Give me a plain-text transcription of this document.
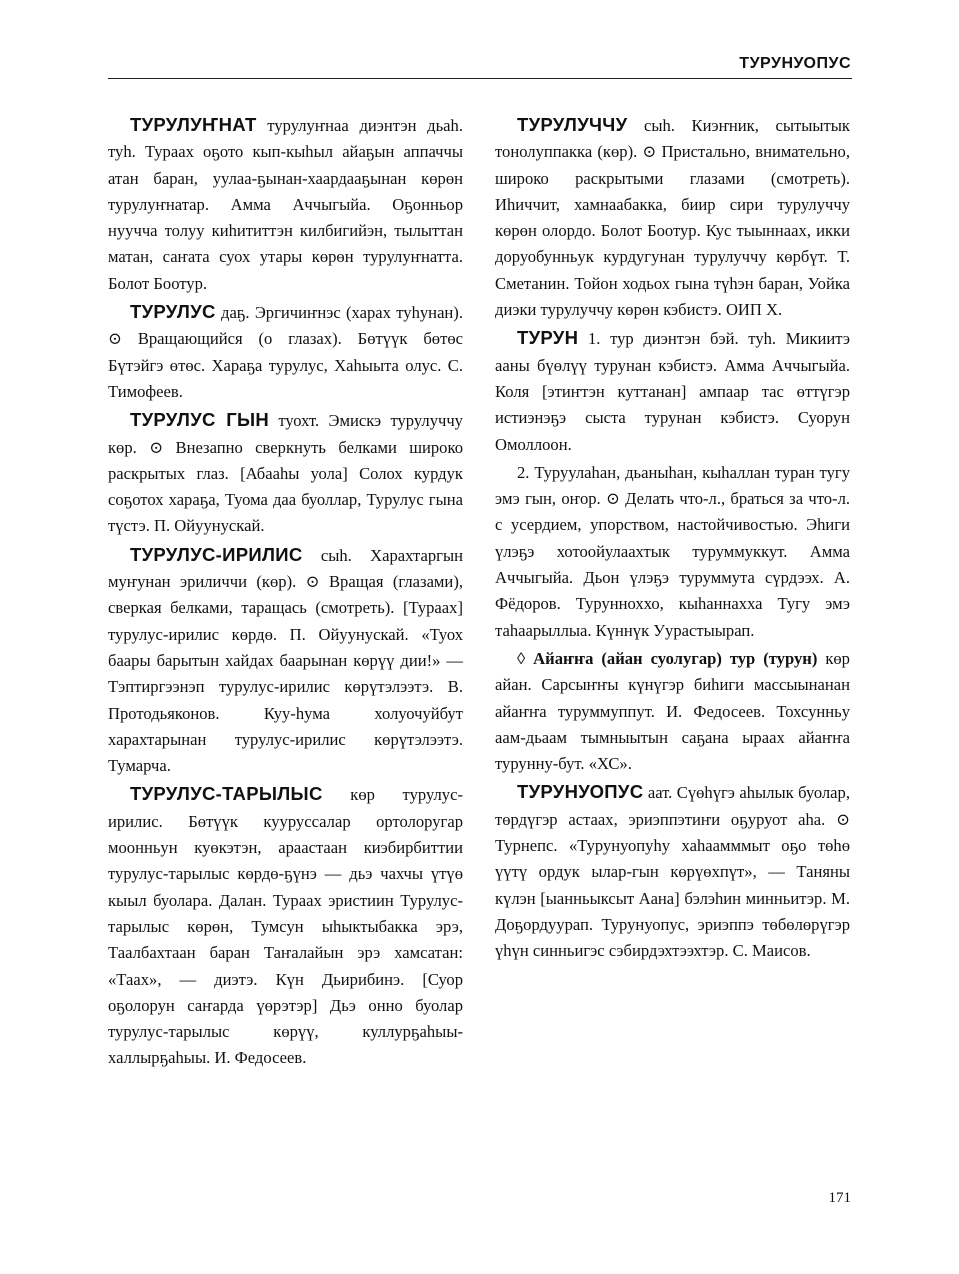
ТУРУНУОПУС

ТУРУЛУҤНАТ турулуҥнаа диэнтэн дьаһ. туһ. Тураах оҕото кып-кыһыл айаҕын аппаччы атан баран, уулаа-ҕынан-хаардааҕынан көрөн турулуҥнатар. Амма Аччыгыйа. Оҕонньор нуучча толуу киһититтэн килбигийэн, тылыттан матан, саҥата суох утары көрөн турулуҥнатта. Болот Боотур.

ТУРУЛУС даҕ. Эргичиҥнэс (харах туһунан). ⊙ Вращающийся (о глазах). Бөтүүк бөтөс Бүтэйгэ өтөс. Хараҕа турулус, Хаһыыта олус. С. Тимофеев.

ТУРУЛУС ГЫН туохт. Эмискэ турулуччу көр. ⊙ Внезапно сверкнуть белками широко раскрытых глаз. [Абааһы уола] Солох курдук соҕотох хараҕа, Туома даа буоллар, Турулус гына түстэ. П. Ойуунускай.

ТУРУЛУС-ИРИЛИС сыһ. Харахтаргын муҥунан эриличчи (көр). ⊙ Вращая (глазами), сверкая белками, таращась (смотреть). [Тураах] турулус-ирилис көрдө. П. Ойуунускай. «Туох баары барытын хайдах баарынан көрүү дии!» — Тэптиргээнэп турулус-ирилис көрүтэлээтэ. В. Протодьяконов. Куу-һума холуочуйбут харахтарынан турулус-ирилис көрүтэлээтэ. Тумарча.

ТУРУЛУС-ТАРЫЛЫС көр турулус-ирилис. Бөтүүк кууруссалар ортолоругар моонньун куөкэтэн, араастаан киэбирбиттии турулус-тарылыс көрдө-ҕүнэ — дьэ чахчы үтүө кыыл буолара. Далан. Тураах эристиин Турулус-тарылыс көрөн, Тумсун ыһыктыбакка эрэ, Таалбахтаан баран Таҥалайын эрэ хамсатан: «Таах», — диэтэ. Күн Дьирибинэ. [Суор оҕолорун саҥарда үөрэтэр] Дьэ онно буолар турулус-тарылыс көрүү, куллурҕаһыы-халлырҕаһыы. И. Федосеев.

ТУРУЛУЧЧУ сыһ. Киэҥник, сытыытык тонолуппакка (көр). ⊙ Пристально, внимательно, широко раскрытыми глазами (смотреть). Иһиччит, хамнаабакка, биир сири турулуччу көрөн олордо. Болот Боотур. Кус тыыннаах, икки доруобунньук курдугунан турулуччу көрбүт. Т. Сметанин. Тойон ходьох гына түһэн баран, Уойка диэки турулуччу көрөн кэбистэ. ОИП Х.

ТУРУН 1. тур диэнтэн бэй. туһ. Микиитэ ааны бүөлүү турунан кэбистэ. Амма Аччыгыйа. Коля [этиҥтэн куттанан] ампаар тас өттүгэр истиэнэҕэ сыста турунан кэбистэ. Суорун Омоллоон.

2. Туруулаһан, дьаныһан, кыһаллан туран тугу эмэ гын, оҥор. ⊙ Делать что-л., браться за что-л. с усердием, упорством, настойчивостью. Эһиги үлэҕэ хотоойулаахтык туруммуккут. Амма Аччыгыйа. Дьон үлэҕэ туруммута сүрдээх. А. Фёдоров. Турунноххо, кыһаннахха Тугу эмэ таһаарыллыа. Күннүк Уурастыырап.

◊ Айаҥҥа (айан суолугар) тур (турун) көр айан. Сарсыҥҥы күнүгэр биһиги массыынанан айаҥҥа туруммуппут. И. Федосеев. Тохсунньу аам-дьаам тымныытын саҕана ыраах айаҥҥа турунну-бут. «ХС».

ТУРУНУОПУС аат. Сүөһүгэ аһылык буолар, төрдүгэр астаах, эриэппэтиҥи оҕуруот аһа. ⊙ Турнепс. «Турунуопуһу хаһаамммыт оҕо төһө үүтү ордук ылар-гын көрүөхпүт», — Таняны күлэн [ыанньыксыт Аана] бэлэһин минньитэр. М. Доҕордуурап. Турунуопус, эриэппэ төбөлөрүгэр үһүн синньигэс сэбирдэхтээхтэр. С. Маисов.

171
